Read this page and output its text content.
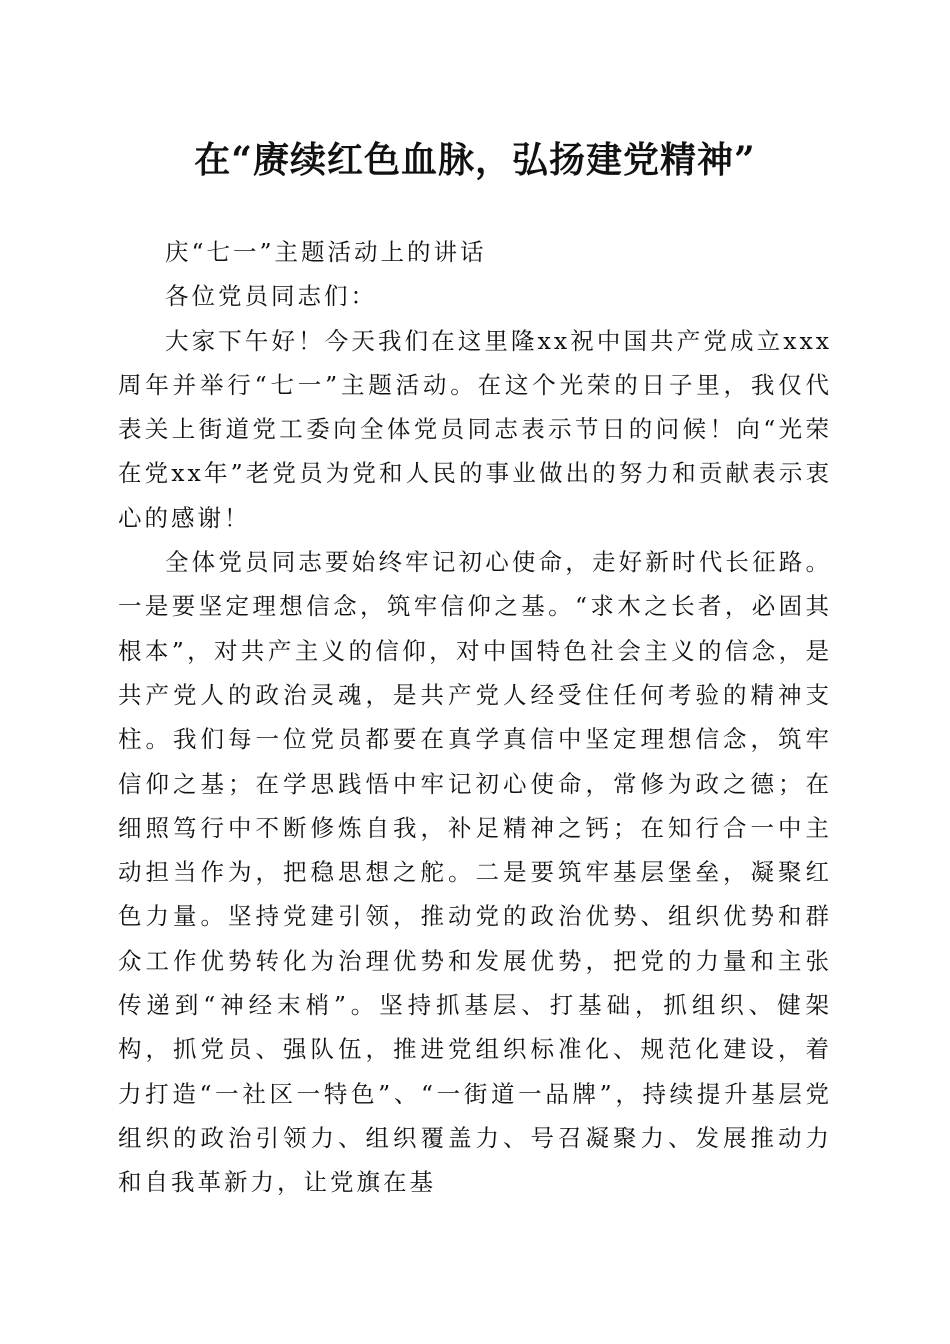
在“赓续红色血脉，弘扬建党精神”

庆“七一”主题活动上的讲话

各位党员同志们：

大家下午好！今天我们在这里隆xx祝中国共产党成立xxx周年并举行“七一”主题活动。在这个光荣的日子里，我仅代表关上街道党工委向全体党员同志表示节日的问候！向“光荣在党xx年”老党员为党和人民的事业做出的努力和贡献表示衷心的感谢！

全体党员同志要始终牢记初心使命，走好新时代长征路。一是要坚定理想信念，筑牢信仰之基。“求木之长者，必固其根本”，对共产主义的信仰，对中国特色社会主义的信念，是共产党人的政治灵魂，是共产党人经受住任何考验的精神支柱。我们每一位党员都要在真学真信中坚定理想信念，筑牢信仰之基；在学思践悟中牢记初心使命，常修为政之德；在细照笃行中不断修炼自我，补足精神之钙；在知行合一中主动担当作为，把稳思想之舵。二是要筑牢基层堡垒，凝聚红色力量。坚持党建引领，推动党的政治优势、组织优势和群众工作优势转化为治理优势和发展优势，把党的力量和主张传递到“神经末梢”。坚持抓基层、打基础，抓组织、健架构，抓党员、强队伍，推进党组织标准化、规范化建设，着力打造“一社区一特色”、“一街道一品牌”，持续提升基层党组织的政治引领力、组织覆盖力、号召凝聚力、发展推动力和自我革新力，让党旗在基
